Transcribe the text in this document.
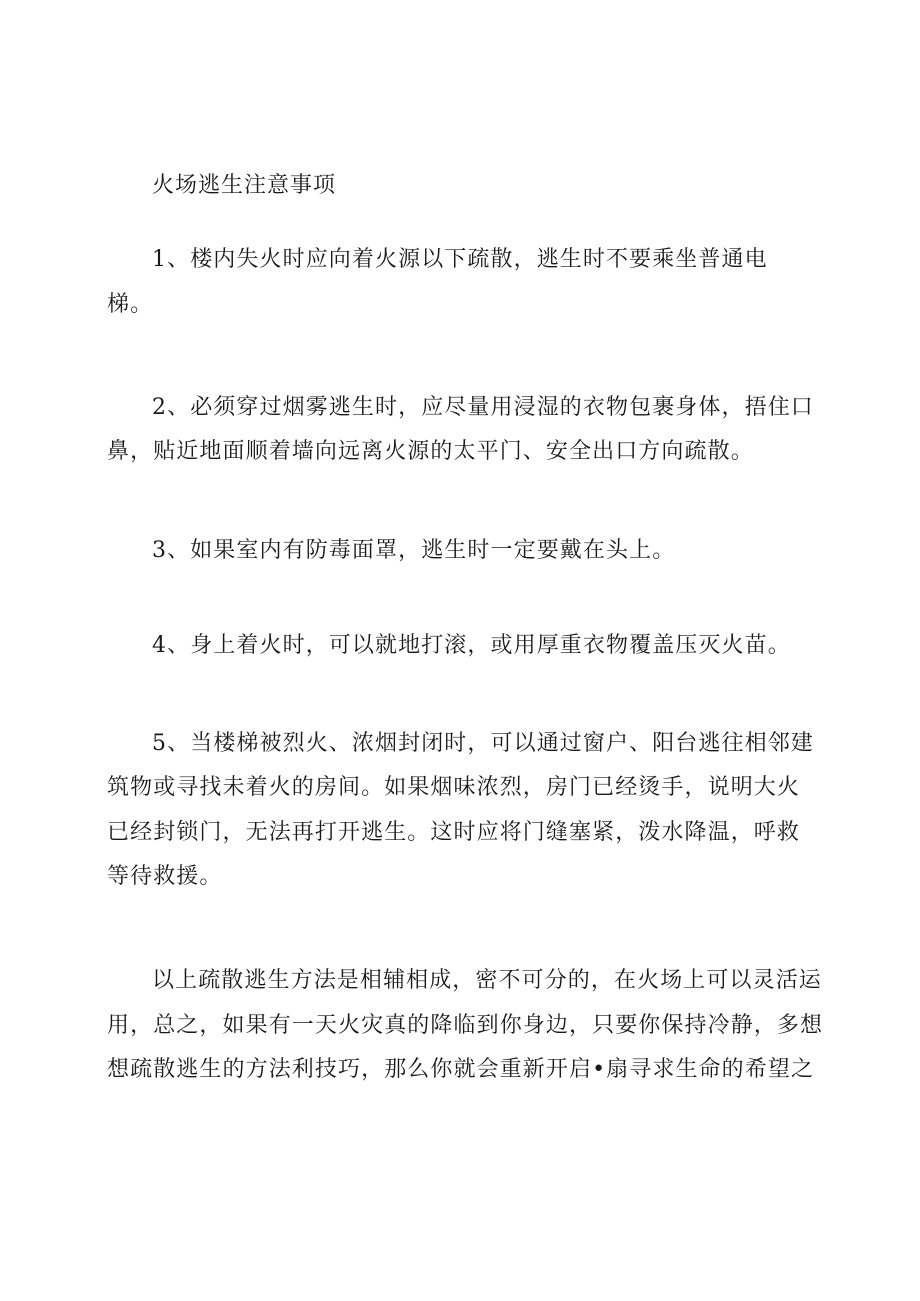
火场逃生注意事项
1、楼内失火时应向着火源以下疏散，逃生时不要乘坐普通电
梯。
2、必须穿过烟雾逃生时，应尽量用浸湿的衣物包裹身体，捂住口
鼻，贴近地面顺着墙向远离火源的太平门、安全出口方向疏散。
3、如果室内有防毒面罩，逃生时一定要戴在头上。
4、身上着火时，可以就地打滚，或用厚重衣物覆盖压灭火苗。
5、当楼梯被烈火、浓烟封闭时，可以通过窗户、阳台逃往相邻建
筑物或寻找未着火的房间。如果烟味浓烈，房门已经烫手，说明大火
已经封锁门，无法再打开逃生。这时应将门缝塞紧，泼水降温，呼救
等待救援。
以上疏散逃生方法是相辅相成，密不可分的，在火场上可以灵活运
用，总之，如果有一天火灾真的降临到你身边，只要你保持冷静，多想
想疏散逃生的方法利技巧，那么你就会重新开启•扇寻求生命的希望之
